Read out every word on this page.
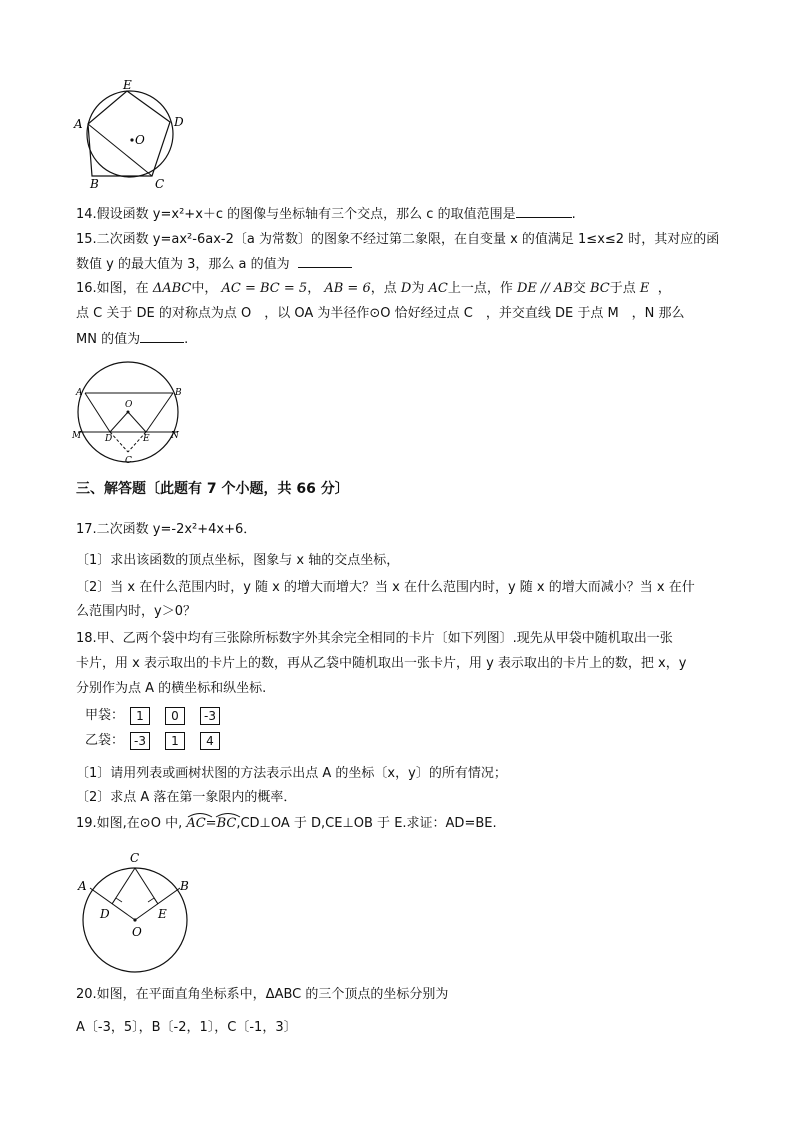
E
A	D
O
B	C
14.假设函数 y=x²+x＋c 的图像与坐标轴有三个交点，那么 c 的取值范围是	.
15.二次函数 y=ax²-6ax-2〔a 为常数〕的图象不经过第二象限，在自变量 x 的值满足 1≤x≤2 时，其对应的函
数值 y 的最大值为 3，那么 a 的值为
16.如图，在 ΔABC中， AC = BC = 5， AB = 6，点 D为 AC上一点，作 DE // AB交 BC于点 E ，
点 C 关于 DE 的对称点为点 O　，以 OA 为半径作⊙O 恰好经过点 C　，并交直线 DE 于点 M　，N 那么
MN 的值为	.
A	B
O
M	D	E N
C
三、解答题〔此题有 7 个小题，共 66 分〕
17.二次函数 y=-2x²+4x+6．
〔1〕求出该函数的顶点坐标，图象与 x 轴的交点坐标，
〔2〕当 x 在什么范围内时，y 随 x 的增大而增大？当 x 在什么范围内时，y 随 x 的增大而减小？当 x 在什
么范围内时，y＞0？
18.甲、乙两个袋中均有三张除所标数字外其余完全相同的卡片〔如下列图〕.现先从甲袋中随机取出一张
卡片，用 x 表示取出的卡片上的数，再从乙袋中随机取出一张卡片，用 y 表示取出的卡片上的数，把 x，y
分别作为点 A 的横坐标和纵坐标.
甲袋：	1	0	-3
乙袋： -3	1	4
〔1〕请用列表或画树状图的方法表示出点 A 的坐标〔x，y〕的所有情况；
〔2〕求点 A 落在第一象限内的概率．
19.如图,在⊙O 中, AC=BC,CD⊥OA 于 D,CE⊥OB 于 E.求证：AD=BE.
C
A	B
D	E
O
20.如图，在平面直角坐标系中，ΔABC 的三个顶点的坐标分别为
A〔-3，5〕，B〔-2，1〕，C〔-1，3〕
